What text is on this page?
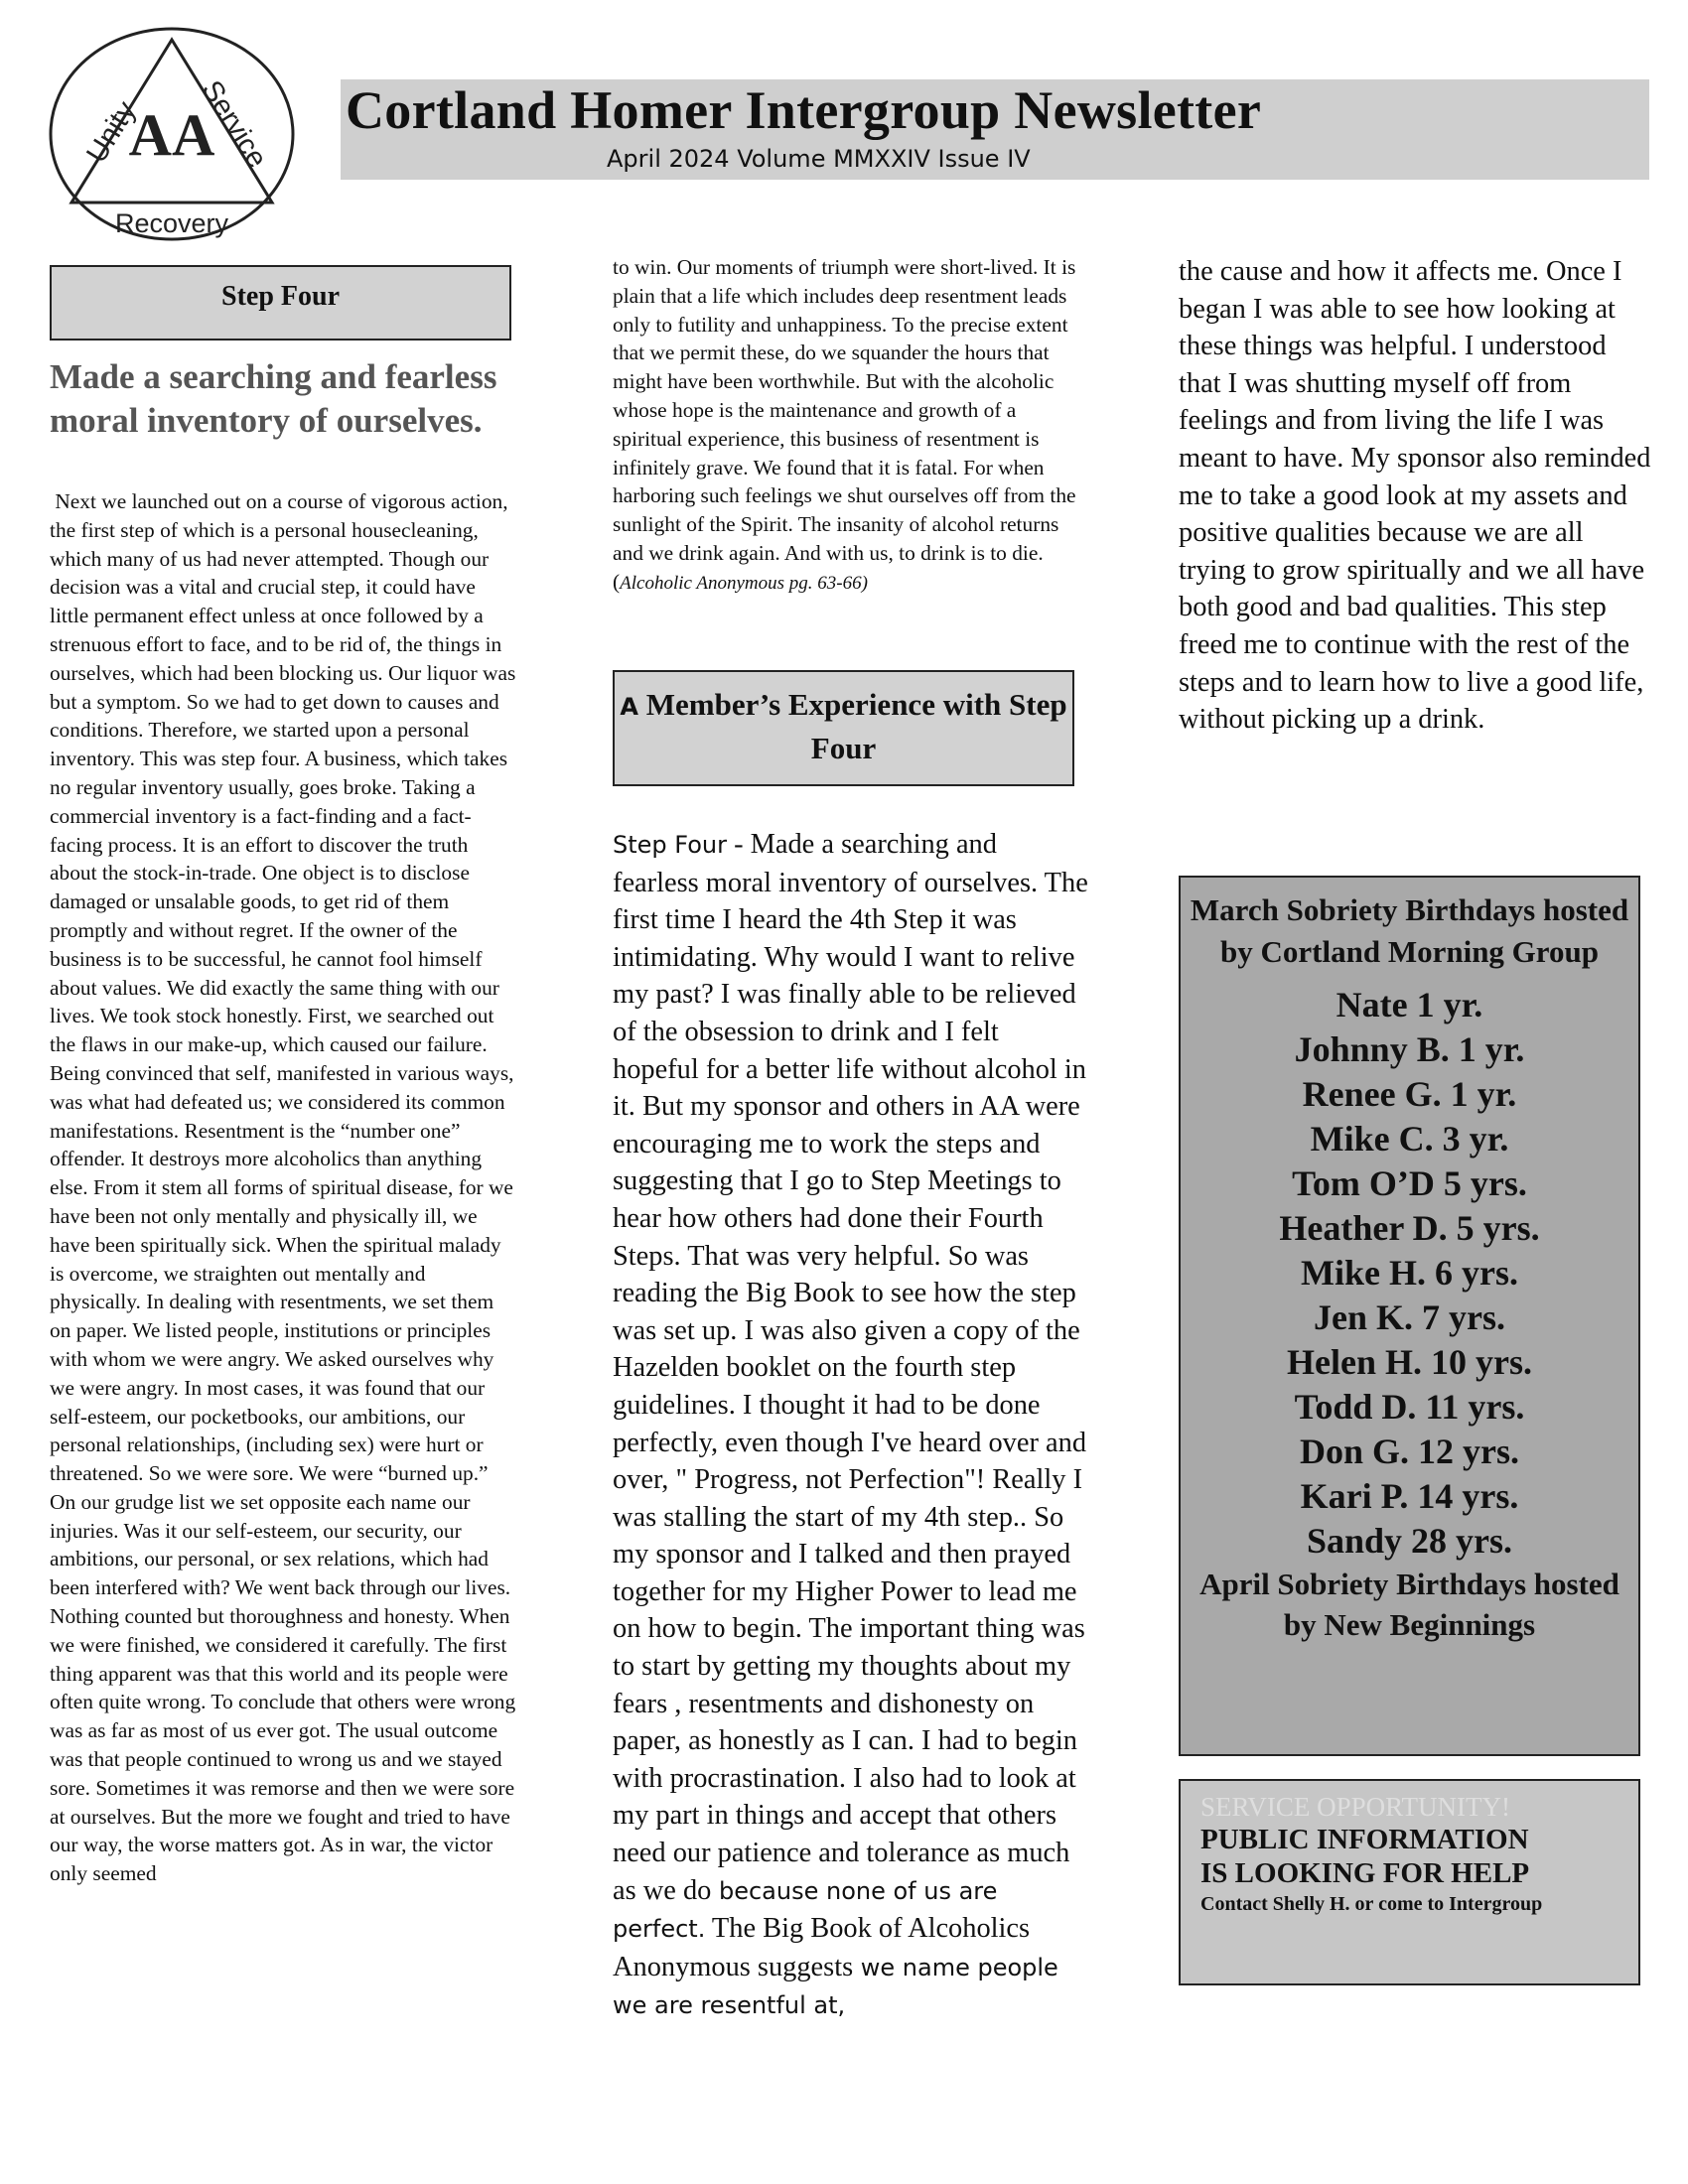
AA
Unity Service
Recovery
Cortland Homer Intergroup Newsletter
April 2024 Volume MMXXIV Issue IV
Step Four
Made a searching and fearless moral inventory of ourselves.
Next we launched out on a course of vigorous action, the first step of which is a personal housecleaning, which many of us had never attempted. Though our decision was a vital and crucial step, it could have little permanent effect unless at once followed by a strenuous effort to face, and to be rid of, the things in ourselves, which had been blocking us. Our liquor was but a symptom. So we had to get down to causes and conditions. Therefore, we started upon a personal inventory. This was step four. A business, which takes no regular inventory usually, goes broke. Taking a commercial inventory is a fact-finding and a fact-facing process. It is an effort to discover the truth about the stock-in-trade. One object is to disclose damaged or unsalable goods, to get rid of them promptly and without regret. If the owner of the business is to be successful, he cannot fool himself about values. We did exactly the same thing with our lives. We took stock honestly. First, we searched out the flaws in our make-up, which caused our failure. Being convinced that self, manifested in various ways, was what had defeated us; we considered its common manifestations. Resentment is the “number one” offender. It destroys more alcoholics than anything else. From it stem all forms of spiritual disease, for we have been not only mentally and physically ill, we have been spiritually sick. When the spiritual malady is overcome, we straighten out mentally and physically. In dealing with resentments, we set them on paper. We listed people, institutions or principles with whom we were angry. We asked ourselves why we were angry. In most cases, it was found that our self-esteem, our pocketbooks, our ambitions, our personal relationships, (including sex) were hurt or threatened. So we were sore. We were “burned up.”
On our grudge list we set opposite each name our injuries. Was it our self-esteem, our security, our ambitions, our personal, or sex relations, which had been interfered with? We went back through our lives. Nothing counted but thoroughness and honesty. When we were finished, we considered it carefully. The first thing apparent was that this world and its people were often quite wrong. To conclude that others were wrong was as far as most of us ever got. The usual outcome was that people continued to wrong us and we stayed sore. Sometimes it was remorse and then we were sore at ourselves. But the more we fought and tried to have our way, the worse matters got. As in war, the victor only seemed
to win. Our moments of triumph were short-lived. It is plain that a life which includes deep resentment leads only to futility and unhappiness. To the precise extent that we permit these, do we squander the hours that might have been worthwhile. But with the alcoholic whose hope is the maintenance and growth of a spiritual experience, this business of resentment is infinitely grave. We found that it is fatal. For when harboring such feelings we shut ourselves off from the sunlight of the Spirit. The insanity of alcohol returns and we drink again. And with us, to drink is to die. (Alcoholic Anonymous pg. 63-66)
A Member’s Experience with Step Four
Step Four - Made a searching and fearless moral inventory of ourselves. The first time I heard the 4th Step it was intimidating. Why would I want to relive my past? I was finally able to be relieved of the obsession to drink and I felt hopeful for a better life without alcohol in it. But my sponsor and others in AA were encouraging me to work the steps and suggesting that I go to Step Meetings to hear how others had done their Fourth Steps. That was very helpful. So was reading the Big Book to see how the step was set up. I was also given a copy of the Hazelden booklet on the fourth step guidelines. I thought it had to be done perfectly, even though I've heard over and over, " Progress, not Perfection"! Really I was stalling the start of my 4th step.. So my sponsor and I talked and then prayed together for my Higher Power to lead me on how to begin. The important thing was to start by getting my thoughts about my fears , resentments and dishonesty on paper, as honestly as I can. I had to begin with procrastination. I also had to look at my part in things and accept that others need our patience and tolerance as much as we do because none of us are perfect. The Big Book of Alcoholics Anonymous suggests we name people we are resentful at,
the cause and how it affects me. Once I began I was able to see how looking at these things was helpful. I understood that I was shutting myself off from feelings and from living the life I was meant to have. My sponsor also reminded me to take a good look at my assets and positive qualities because we are all trying to grow spiritually and we all have both good and bad qualities. This step freed me to continue with the rest of the steps and to learn how to live a good life, without picking up a drink.
March Sobriety Birthdays hosted by Cortland Morning Group
Nate 1 yr.
Johnny B. 1 yr.
Renee G. 1 yr.
Mike C. 3 yr.
Tom O’D 5 yrs.
Heather D. 5 yrs.
Mike H. 6 yrs.
Jen K. 7 yrs.
Helen H. 10 yrs.
Todd D. 11 yrs.
Don G. 12 yrs.
Kari P. 14 yrs.
Sandy 28 yrs.
April Sobriety Birthdays hosted by New Beginnings
SERVICE OPPORTUNITY!
PUBLIC INFORMATION
IS LOOKING FOR HELP
Contact Shelly H. or come to Intergroup
